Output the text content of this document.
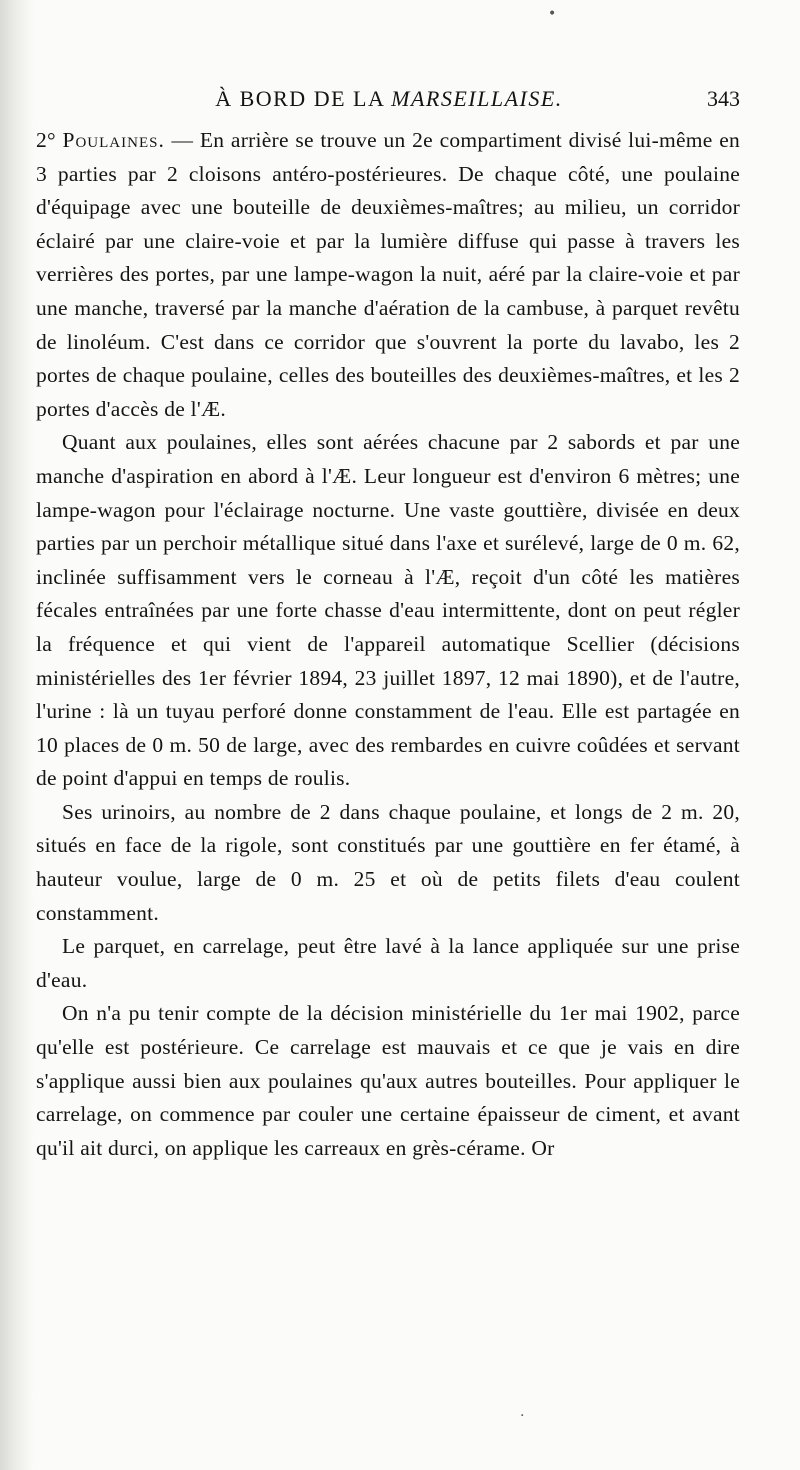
À BORD DE LA MARSEILLAISE.	343

2° Poulaines. — En arrière se trouve un 2e compartiment divisé lui-même en 3 parties par 2 cloisons antéro-postérieures. De chaque côté, une poulaine d'équipage avec une bouteille de deuxièmes-maîtres; au milieu, un corridor éclairé par une claire-voie et par la lumière diffuse qui passe à travers les verrières des portes, par une lampe-wagon la nuit, aéré par la claire-voie et par une manche, traversé par la manche d'aération de la cambuse, à parquet revêtu de linoléum. C'est dans ce corridor que s'ouvrent la porte du lavabo, les 2 portes de chaque poulaine, celles des bouteilles des deuxièmes-maîtres, et les 2 portes d'accès de l'Æ.

Quant aux poulaines, elles sont aérées chacune par 2 sabords et par une manche d'aspiration en abord à l'Æ. Leur longueur est d'environ 6 mètres; une lampe-wagon pour l'éclairage nocturne. Une vaste gouttière, divisée en deux parties par un perchoir métallique situé dans l'axe et surélevé, large de 0 m. 62, inclinée suffisamment vers le corneau à l'Æ, reçoit d'un côté les matières fécales entraînées par une forte chasse d'eau intermittente, dont on peut régler la fréquence et qui vient de l'appareil automatique Scellier (décisions ministérielles des 1er février 1894, 23 juillet 1897, 12 mai 1890), et de l'autre, l'urine : là un tuyau perforé donne constamment de l'eau. Elle est partagée en 10 places de 0 m. 50 de large, avec des rembardes en cuivre coûdées et servant de point d'appui en temps de roulis.

Ses urinoirs, au nombre de 2 dans chaque poulaine, et longs de 2 m. 20, situés en face de la rigole, sont constitués par une gouttière en fer étamé, à hauteur voulue, large de 0 m. 25 et où de petits filets d'eau coulent constamment.

Le parquet, en carrelage, peut être lavé à la lance appliquée sur une prise d'eau.

On n'a pu tenir compte de la décision ministérielle du 1er mai 1902, parce qu'elle est postérieure. Ce carrelage est mauvais et ce que je vais en dire s'applique aussi bien aux poulaines qu'aux autres bouteilles. Pour appliquer le carrelage, on commence par couler une certaine épaisseur de ciment, et avant qu'il ait durci, on applique les carreaux en grès-cérame. Or

•
·
